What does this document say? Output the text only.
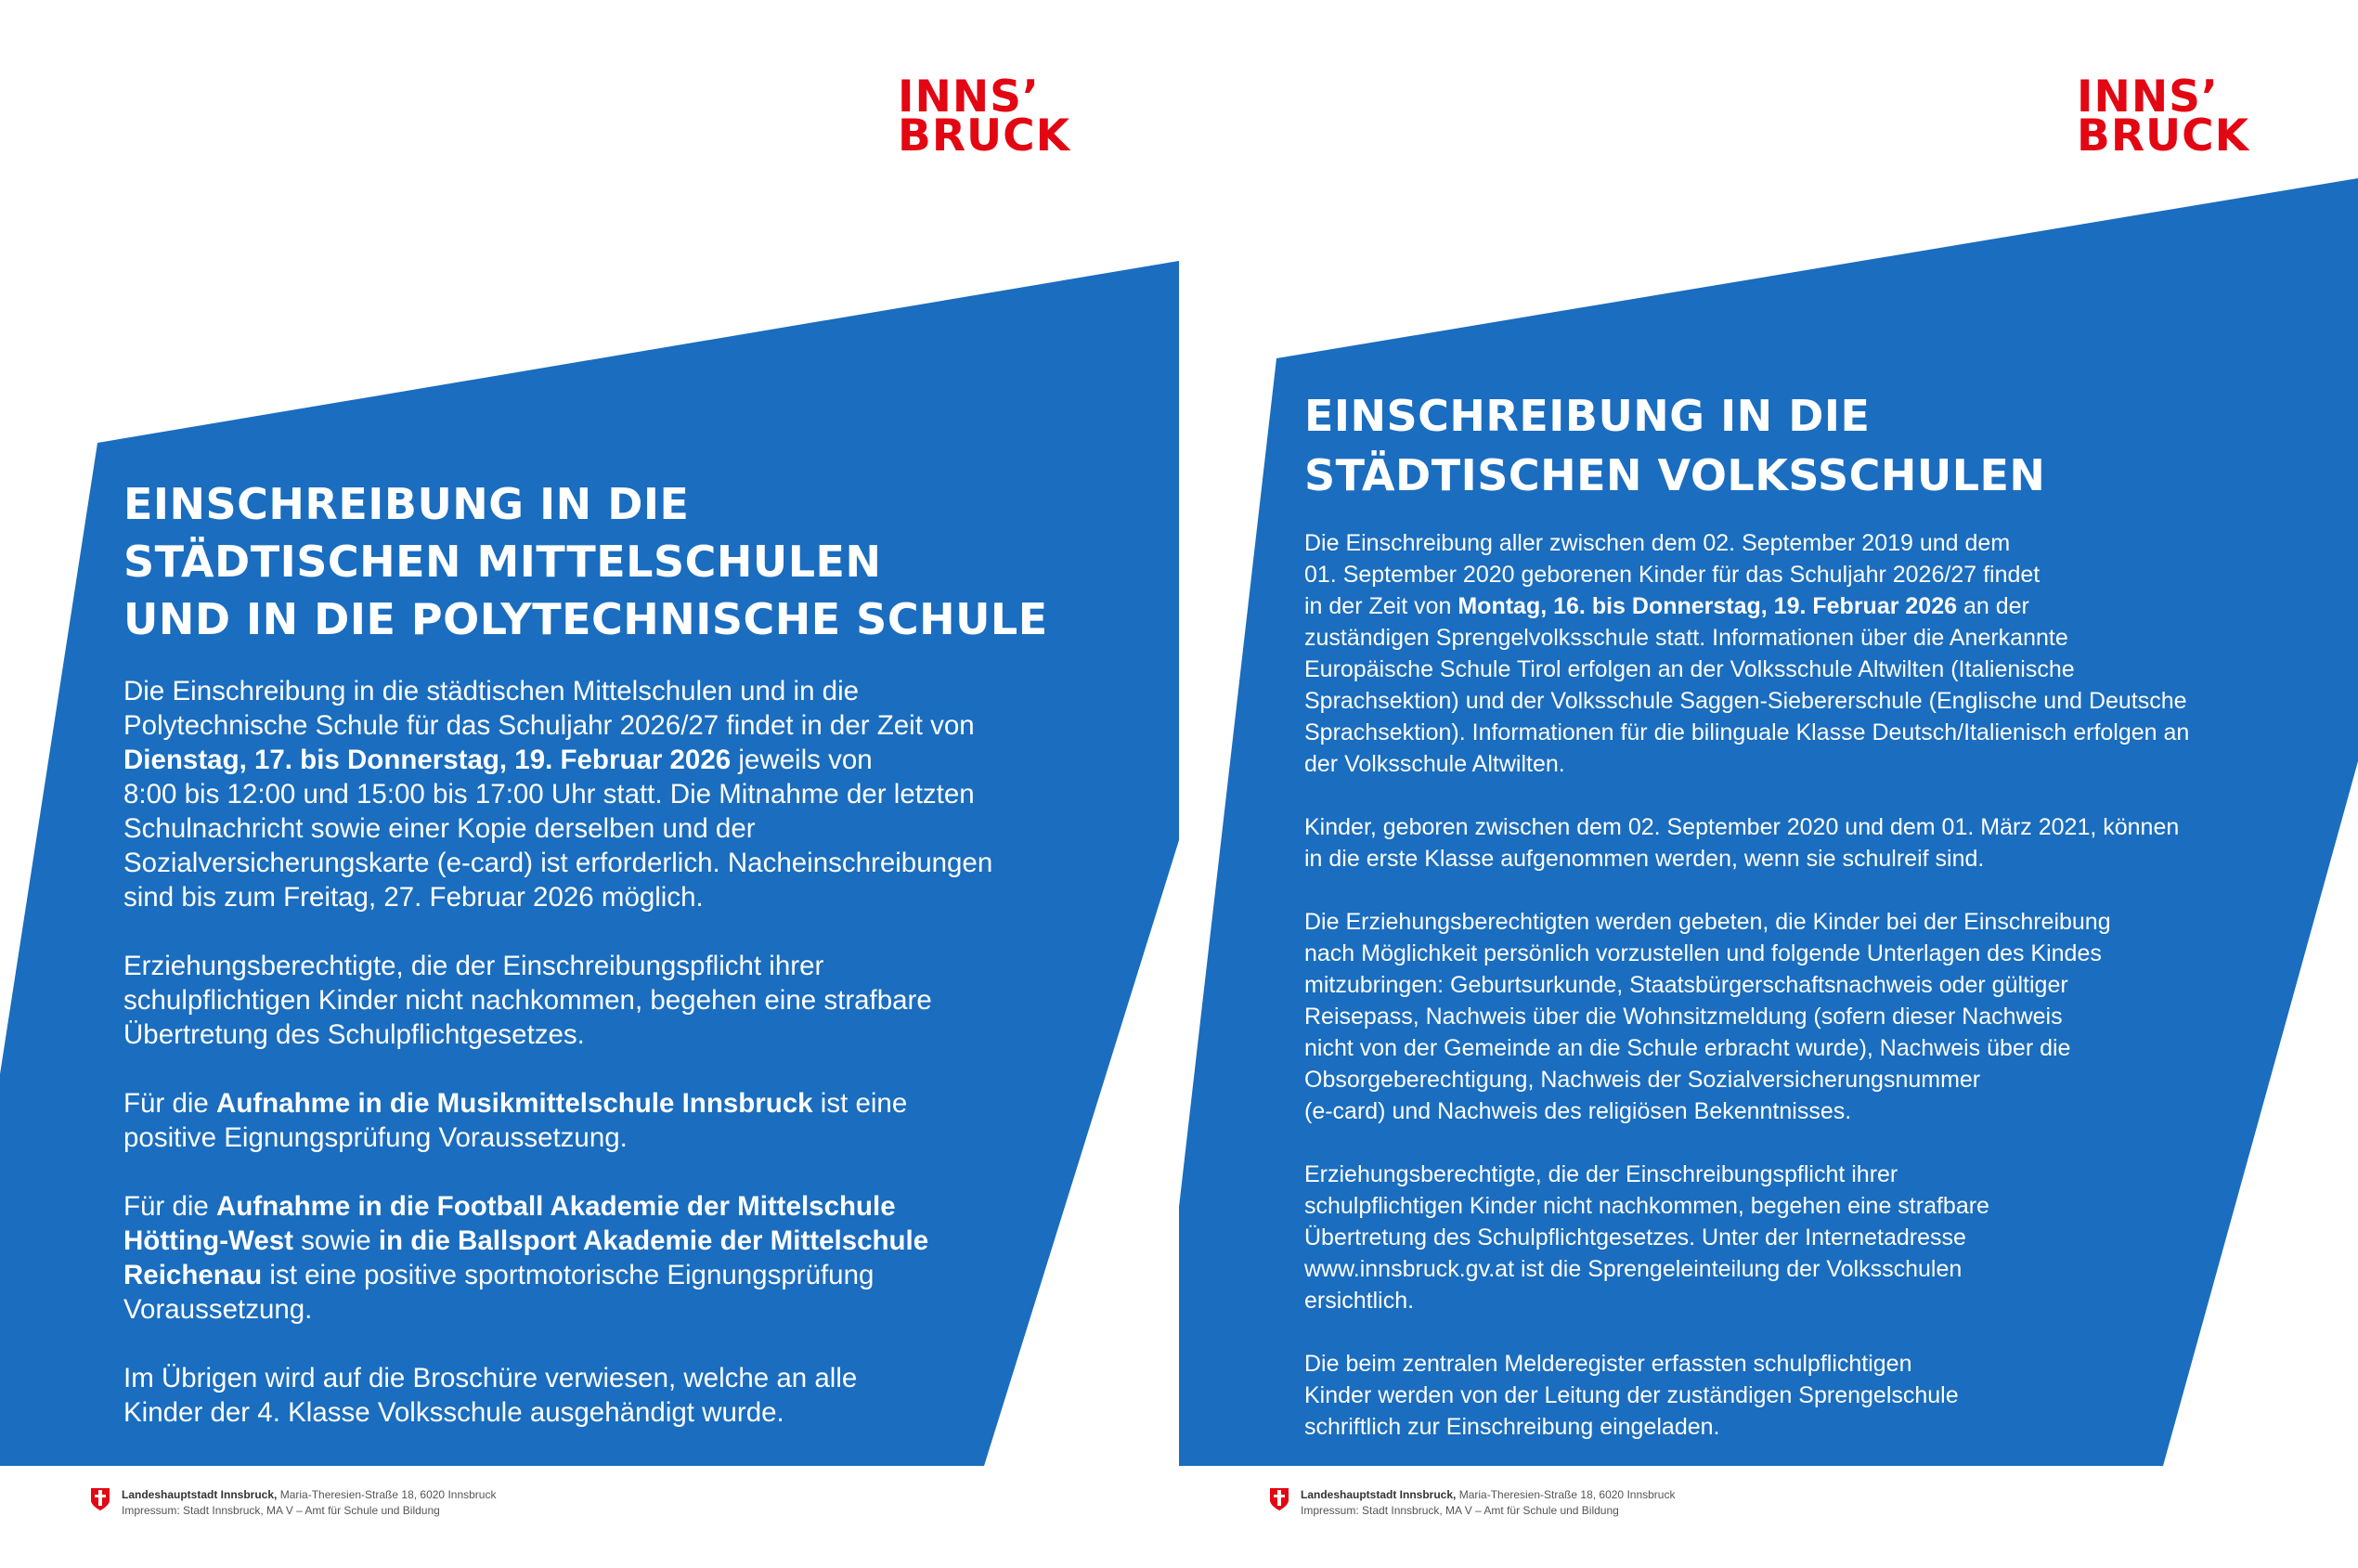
INNS’
BRUCK
EINSCHREIBUNG IN DIE
STÄDTISCHEN MITTELSCHULEN
UND IN DIE POLYTECHNISCHE SCHULE

Die Einschreibung in die städtischen Mittelschulen und in die
Polytechnische Schule für das Schuljahr 2026/27 findet in der Zeit von
Dienstag, 17. bis Donnerstag, 19. Februar 2026 jeweils von
8:00 bis 12:00 und 15:00 bis 17:00 Uhr statt. Die Mitnahme der letzten
Schulnachricht sowie einer Kopie derselben und der
Sozialversicherungskarte (e-card) ist erforderlich. Nacheinschreibungen
sind bis zum Freitag, 27. Februar 2026 möglich.

Erziehungsberechtigte, die der Einschreibungspflicht ihrer
schulpflichtigen Kinder nicht nachkommen, begehen eine strafbare
Übertretung des Schulpflichtgesetzes.

Für die Aufnahme in die Musikmittelschule Innsbruck ist eine
positive Eignungsprüfung Voraussetzung.

Für die Aufnahme in die Football Akademie der Mittelschule
Hötting-West sowie in die Ballsport Akademie der Mittelschule
Reichenau ist eine positive sportmotorische Eignungsprüfung
Voraussetzung.

Im Übrigen wird auf die Broschüre verwiesen, welche an alle
Kinder der 4. Klasse Volksschule ausgehändigt wurde.

Landeshauptstadt Innsbruck, Maria-Theresien-Straße 18, 6020 Innsbruck
Impressum: Stadt Innsbruck, MA V – Amt für Schule und Bildung
INNS’
BRUCK
EINSCHREIBUNG IN DIE
STÄDTISCHEN VOLKSSCHULEN

Die Einschreibung aller zwischen dem 02. September 2019 und dem
01. September 2020 geborenen Kinder für das Schuljahr 2026/27 findet
in der Zeit von Montag, 16. bis Donnerstag, 19. Februar 2026 an der
zuständigen Sprengelvolksschule statt. Informationen über die Anerkannte
Europäische Schule Tirol erfolgen an der Volksschule Altwilten (Italienische
Sprachsektion) und der Volksschule Saggen-Siebererschule (Englische und Deutsche
Sprachsektion). Informationen für die bilinguale Klasse Deutsch/Italienisch erfolgen an
der Volksschule Altwilten.

Kinder, geboren zwischen dem 02. September 2020 und dem 01. März 2021, können
in die erste Klasse aufgenommen werden, wenn sie schulreif sind.

Die Erziehungsberechtigten werden gebeten, die Kinder bei der Einschreibung
nach Möglichkeit persönlich vorzustellen und folgende Unterlagen des Kindes
mitzubringen: Geburtsurkunde, Staatsbürgerschaftsnachweis oder gültiger
Reisepass, Nachweis über die Wohnsitzmeldung (sofern dieser Nachweis
nicht von der Gemeinde an die Schule erbracht wurde), Nachweis über die
Obsorgeberechtigung, Nachweis der Sozialversicherungsnummer
(e-card) und Nachweis des religiösen Bekenntnisses.

Erziehungsberechtigte, die der Einschreibungspflicht ihrer
schulpflichtigen Kinder nicht nachkommen, begehen eine strafbare
Übertretung des Schulpflichtgesetzes. Unter der Internetadresse
www.innsbruck.gv.at ist die Sprengeleinteilung der Volksschulen
ersichtlich.

Die beim zentralen Melderegister erfassten schulpflichtigen
Kinder werden von der Leitung der zuständigen Sprengelschule
schriftlich zur Einschreibung eingeladen.

Landeshauptstadt Innsbruck, Maria-Theresien-Straße 18, 6020 Innsbruck
Impressum: Stadt Innsbruck, MA V – Amt für Schule und Bildung
